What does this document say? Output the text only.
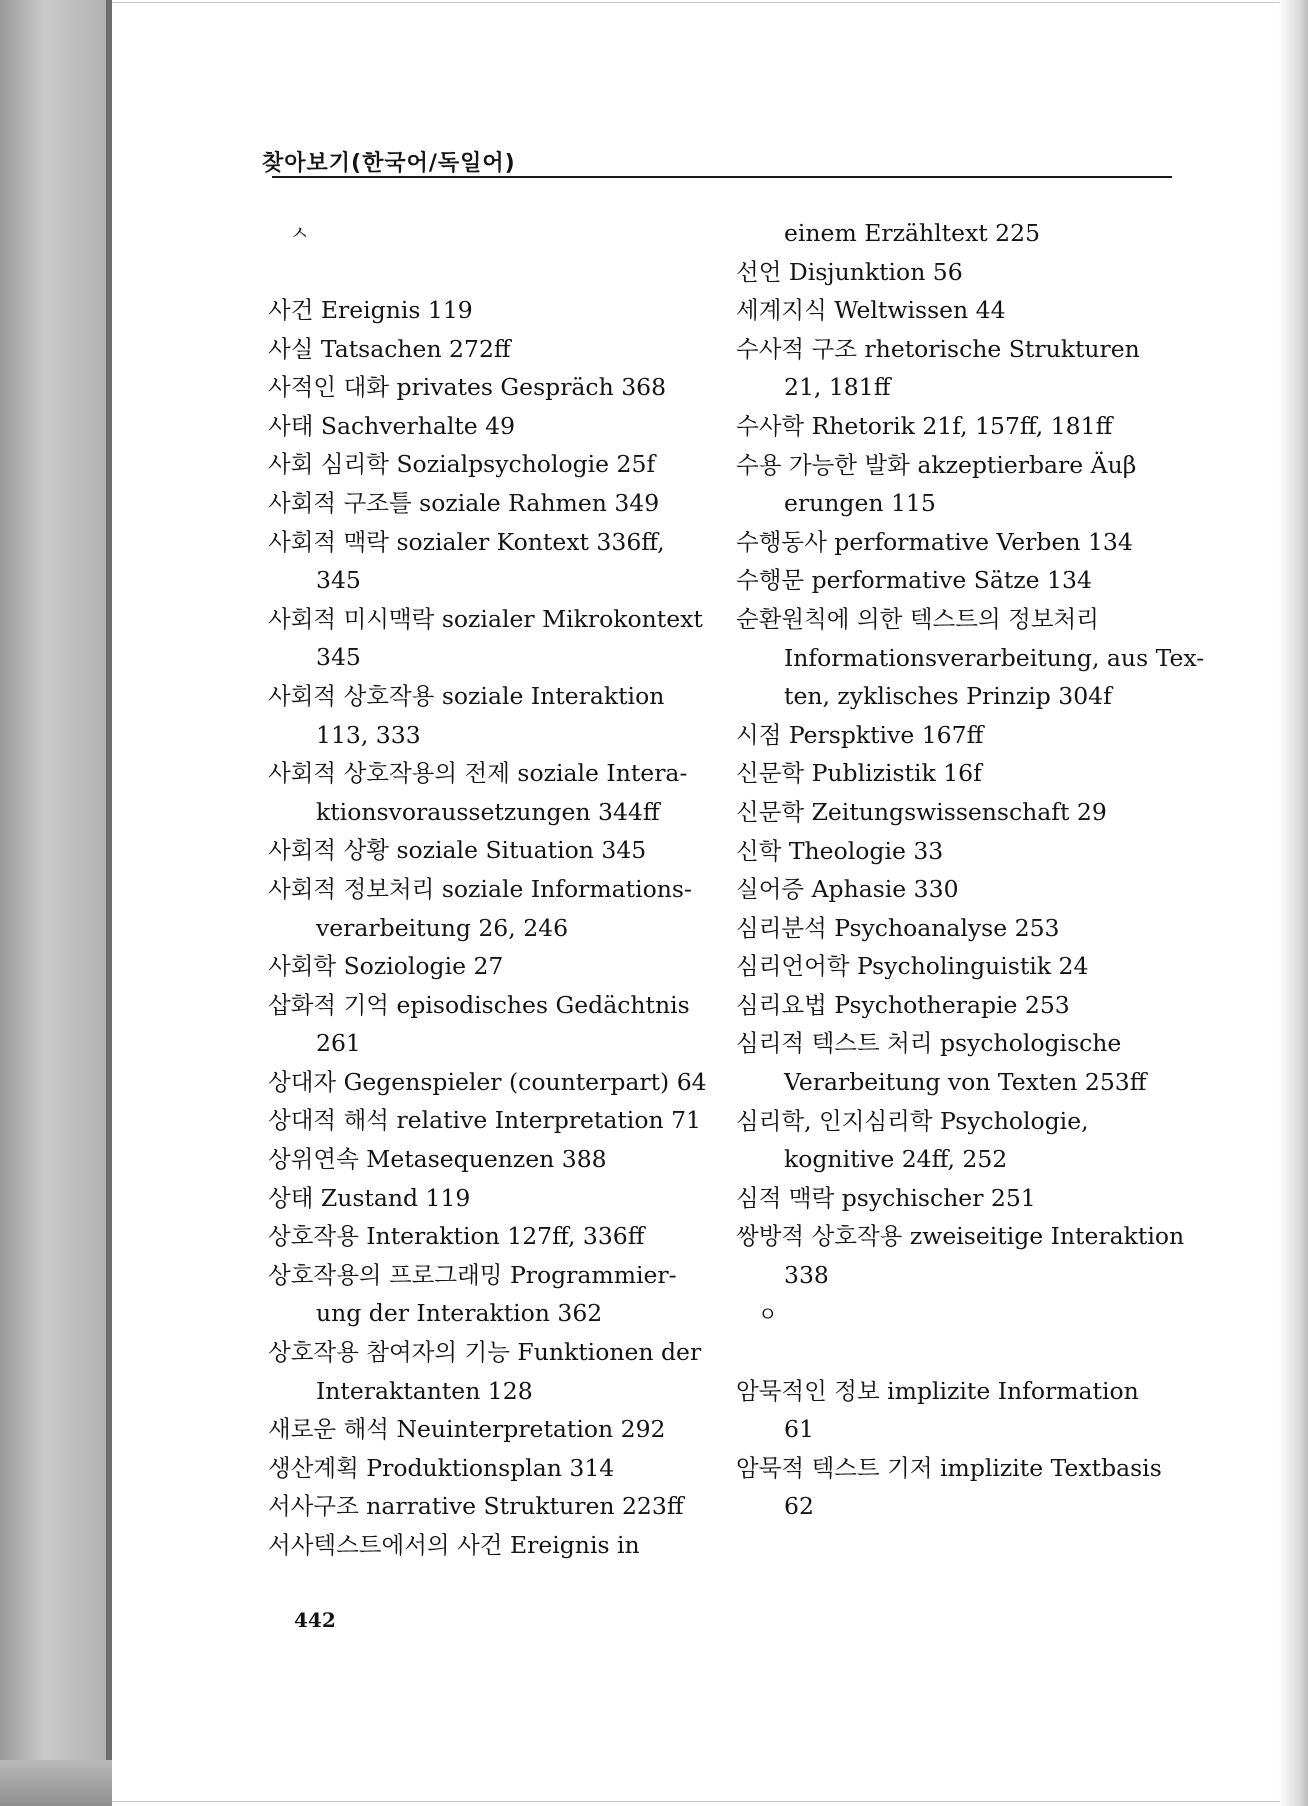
찾아보기(한국어/독일어)

ㅅ

사건 Ereignis 119

사실 Tatsachen 272ff

사적인 대화 privates Gespräch 368

사태 Sachverhalte 49

사회 심리학 Sozialpsychologie 25f

사회적 구조틀 soziale Rahmen 349

사회적 맥락 sozialer Kontext 336ff,

345

사회적 미시맥락 sozialer Mikrokontext

345

사회적 상호작용 soziale Interaktion

113, 333

사회적 상호작용의 전제 soziale Intera-

ktionsvoraussetzungen 344ff

사회적 상황 soziale Situation 345

사회적 정보처리 soziale Informations-

verarbeitung 26, 246

사회학 Soziologie 27

삽화적 기억 episodisches Gedächtnis

261

상대자 Gegenspieler (counterpart) 64

상대적 해석 relative Interpretation 71

상위연속 Metasequenzen 388

상태 Zustand 119

상호작용 Interaktion 127ff, 336ff

상호작용의 프로그래밍 Programmier-

ung der Interaktion 362

상호작용 참여자의 기능 Funktionen der

Interaktanten 128

새로운 해석 Neuinterpretation 292

생산계획 Produktionsplan 314

서사구조 narrative Strukturen 223ff

서사텍스트에서의 사건 Ereignis in

einem Erzähltext 225

선언 Disjunktion 56

세계지식 Weltwissen 44

수사적 구조 rhetorische Strukturen

21, 181ff

수사학 Rhetorik 21f, 157ff, 181ff

수용 가능한 발화 akzeptierbare Äuβ

erungen 115

수행동사 performative Verben 134

수행문 performative Sätze 134

순환원칙에 의한 텍스트의 정보처리

Informationsverarbeitung, aus Tex-

ten, zyklisches Prinzip 304f

시점 Perspktive 167ff

신문학 Publizistik 16f

신문학 Zeitungswissenschaft 29

신학 Theologie 33

실어증 Aphasie 330

심리분석 Psychoanalyse 253

심리언어학 Psycholinguistik 24

심리요법 Psychotherapie 253

심리적 텍스트 처리 psychologische

Verarbeitung von Texten 253ff

심리학, 인지심리학 Psychologie,

kognitive 24ff, 252

심적 맥락 psychischer 251

쌍방적 상호작용 zweiseitige Interaktion

338

ㅇ

암묵적인 정보 implizite Information

61

암묵적 텍스트 기저 implizite Textbasis

62

442
